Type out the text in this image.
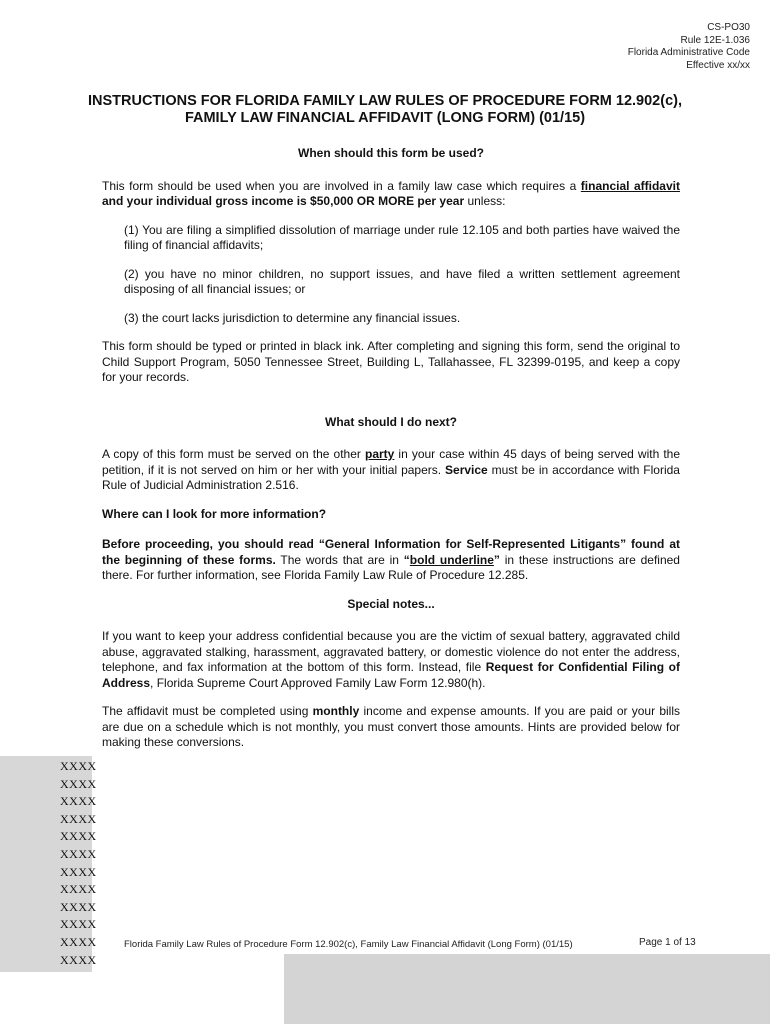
CS-PO30
Rule 12E-1.036
Florida Administrative Code
Effective xx/xx
INSTRUCTIONS FOR FLORIDA FAMILY LAW RULES OF PROCEDURE FORM 12.902(c),
FAMILY LAW FINANCIAL AFFIDAVIT (LONG FORM) (01/15)

When should this form be used?

This form should be used when you are involved in a family law case which requires a financial affidavit and your individual gross income is $50,000 OR MORE per year unless:

(1) You are filing a simplified dissolution of marriage under rule 12.105 and both parties have waived the filing of financial affidavits;

(2) you have no minor children, no support issues, and have filed a written settlement agreement disposing of all financial issues; or

(3) the court lacks jurisdiction to determine any financial issues.

This form should be typed or printed in black ink. After completing and signing this form, send the original to Child Support Program, 5050 Tennessee Street, Building L, Tallahassee, FL 32399-0195, and keep a copy for your records.

What should I do next?

A copy of this form must be served on the other party in your case within 45 days of being served with the petition, if it is not served on him or her with your initial papers. Service must be in accordance with Florida Rule of Judicial Administration 2.516.

Where can I look for more information?

Before proceeding, you should read “General Information for Self-Represented Litigants” found at the beginning of these forms. The words that are in “bold underline” in these instructions are defined there. For further information, see Florida Family Law Rule of Procedure 12.285.

Special notes...

If you want to keep your address confidential because you are the victim of sexual battery, aggravated child abuse, aggravated stalking, harassment, aggravated battery, or domestic violence do not enter the address, telephone, and fax information at the bottom of this form. Instead, file Request for Confidential Filing of Address, Florida Supreme Court Approved Family Law Form 12.980(h).

The affidavit must be completed using monthly income and expense amounts. If you are paid or your bills are due on a schedule which is not monthly, you must convert those amounts. Hints are provided below for making these conversions.

XXXX
XXXX
XXXX
XXXX
XXXX
XXXX
XXXX
XXXX
XXXX
XXXX
XXXX
XXXX
Florida Family Law Rules of Procedure Form 12.902(c), Family Law Financial Affidavit (Long Form) (01/15)	Page 1 of 13
